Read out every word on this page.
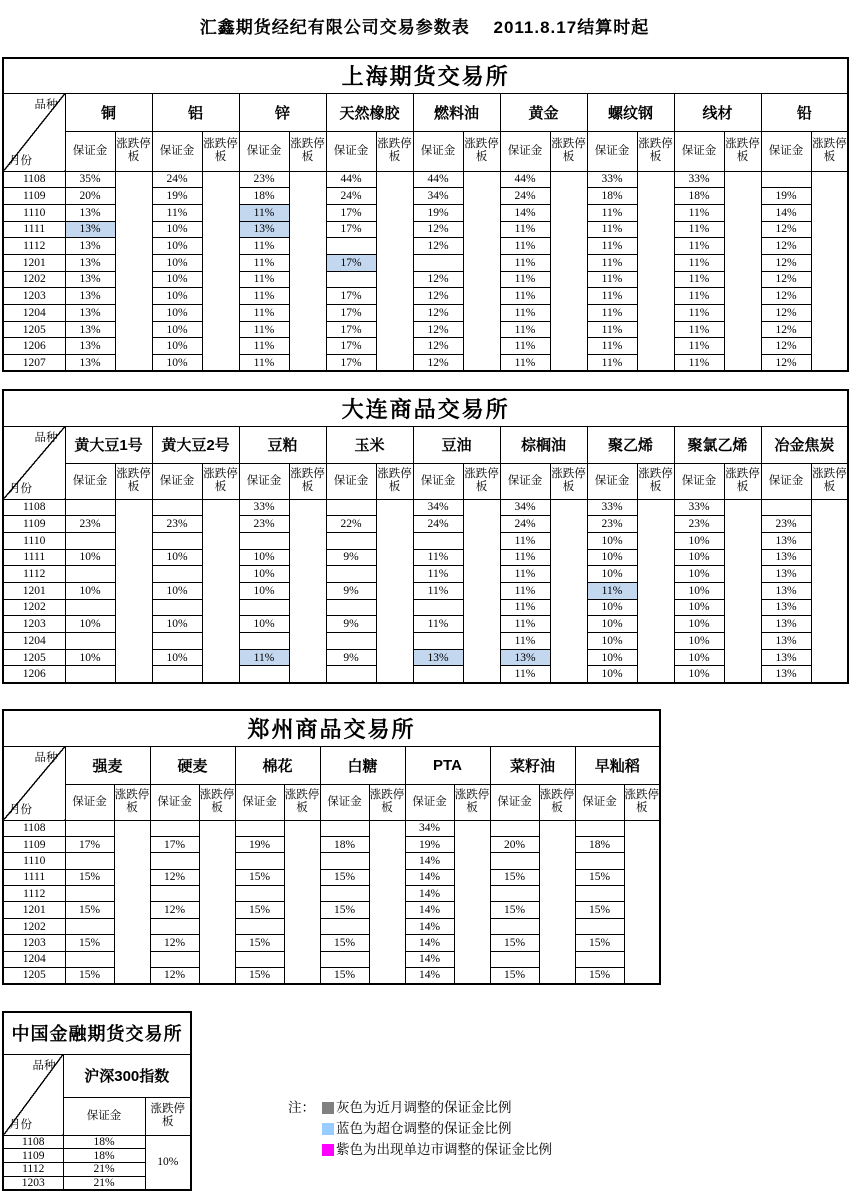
汇鑫期货经纪有限公司交易参数表　 2011.8.17结算时起
上海期货交易所																		

品种
月份	铜		铝		锌		天然橡胶		燃料油		黄金		螺纹钢		线材		铅	
	保证金	涨跌停板	保证金	涨跌停板	保证金	涨跌停板	保证金	涨跌停板	保证金	涨跌停板	保证金	涨跌停板	保证金	涨跌停板	保证金	涨跌停板	保证金	涨跌停板
1108	35%		24%		23%		44%		44%		44%		33%		33%			
1109	20%		19%		18%		24%		34%		24%		18%		18%		19%	
1110	13%		11%		11%		17%		19%		14%		11%		11%		14%	
1111	13%		10%		13%		17%		12%		11%		11%		11%		12%	
1112	13%		10%		11%				12%		11%		11%		11%		12%	
1201	13%		10%		11%		17%				11%		11%		11%		12%	
1202	13%		10%		11%				12%		11%		11%		11%		12%	
1203	13%		10%		11%		17%		12%		11%		11%		11%		12%	
1204	13%		10%		11%		17%		12%		11%		11%		11%		12%	
1205	13%		10%		11%		17%		12%		11%		11%		11%		12%	
1206	13%		10%		11%		17%		12%		11%		11%		11%		12%	
1207	13%		10%		11%		17%		12%		11%		11%		11%		12%	
大连商品交易所																		

品种
月份	黄大豆1号		黄大豆2号		豆粕		玉米		豆油		棕榈油		聚乙烯		聚氯乙烯		冶金焦炭	
	保证金	涨跌停板	保证金	涨跌停板	保证金	涨跌停板	保证金	涨跌停板	保证金	涨跌停板	保证金	涨跌停板	保证金	涨跌停板	保证金	涨跌停板	保证金	涨跌停板
1108					33%				34%		34%		33%		33%			
1109	23%		23%		23%		22%		24%		24%		23%		23%		23%	
1110											11%		10%		10%		13%	
1111	10%		10%		10%		9%		11%		11%		10%		10%		13%	
1112					10%				11%		11%		10%		10%		13%	
1201	10%		10%		10%		9%		11%		11%		11%		10%		13%	
1202											11%		10%		10%		13%	
1203	10%		10%		10%		9%		11%		11%		10%		10%		13%	
1204											11%		10%		10%		13%	
1205	10%		10%		11%		9%		13%		13%		10%		10%		13%	
1206											11%		10%		10%		13%	
郑州商品交易所														

品种
月份	强麦		硬麦		棉花		白糖		PTA		菜籽油		早籼稻	
	保证金	涨跌停板	保证金	涨跌停板	保证金	涨跌停板	保证金	涨跌停板	保证金	涨跌停板	保证金	涨跌停板	保证金	涨跌停板
1108									34%					
1109	17%		17%		19%		18%		19%		20%		18%	
1110									14%					
1111	15%		12%		15%		15%		14%		15%		15%	
1112									14%					
1201	15%		12%		15%		15%		14%		15%		15%	
1202									14%					
1203	15%		12%		15%		15%		14%		15%		15%	
1204									14%					
1205	15%		12%		15%		15%		14%		15%		15%	
中国金融期货交易所		

品种
月份	沪深300指数	
	保证金	涨跌停板
1108	18%	10%
1109	18%	
1112	21%	
1203	21%	
注：	灰色为近月调整的保证金比例
蓝色为超仓调整的保证金比例
紫色为出现单边市调整的保证金比例
